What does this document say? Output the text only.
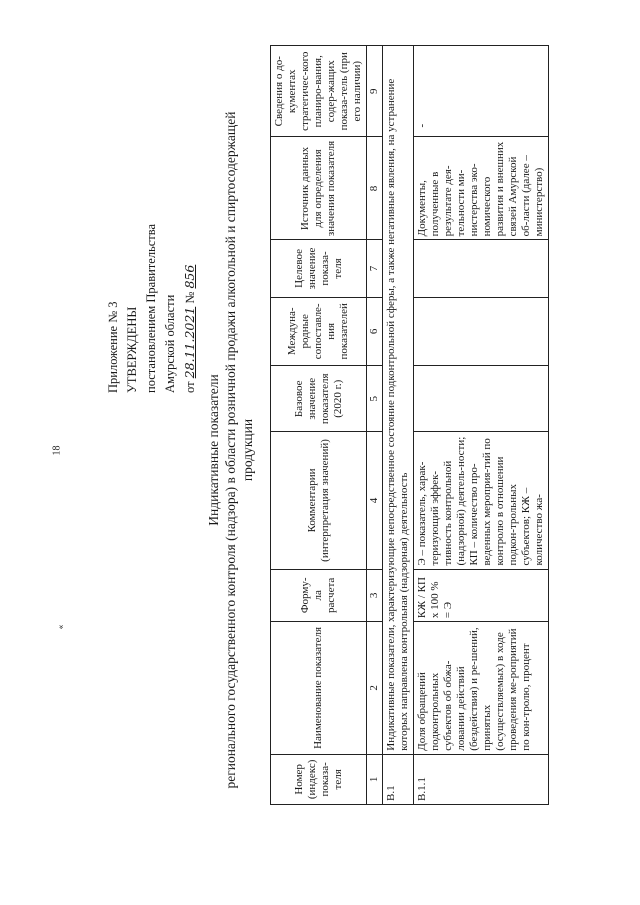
18
«
Приложение № 3 УТВЕРЖДЕНЫ постановлением Правительства Амурской области от 28.11.2021 № 856
Индикативные показатели регионального государственного контроля (надзора) в области розничной продажи алкогольной и спиртосодержащей продукции
Номер (индекс) показа-теля	Наименование показателя	Форму-ла расчета	Комментарии (интерпретация значений)	Базовое значение показателя (2020 г.)	Междуна-родные сопоставле-ния показателей	Целевое значение показа-теля	Источник данных для определения значения показателя	Сведения о до-кументах стратегичес-кого планиро-вания, содер-жащих показа-тель (при его наличии)
1	2	3	4	5	6	7	8	9
B.1	Индикативные показатели, характеризующие непосредственное состояние подконтрольной сферы, а также негативные явления, на устранение которых направлена контрольная (надзорная) деятельность							
B.1.1	Доля обращений подконтрольных субъектов об обжа-ловании действий (бездействия) и ре-шений, принятых (осуществляемых) в ходе проведения ме-роприятий по кон-тролю, процент	КЖ / КП x 100 % = Э	Э – показатель, харак-теризующий эффек-тивность контрольной (надзорной) деятель-ности; КП – количество про-веденных мероприя-тий по контролю в отношении подкон-трольных субъектов; КЖ – количество жа-				Документы, полученные в результате дея-тельности ми-нистерства эко-номического развития и внешних связей Амурской об-ласти (далее – министерство)	-
